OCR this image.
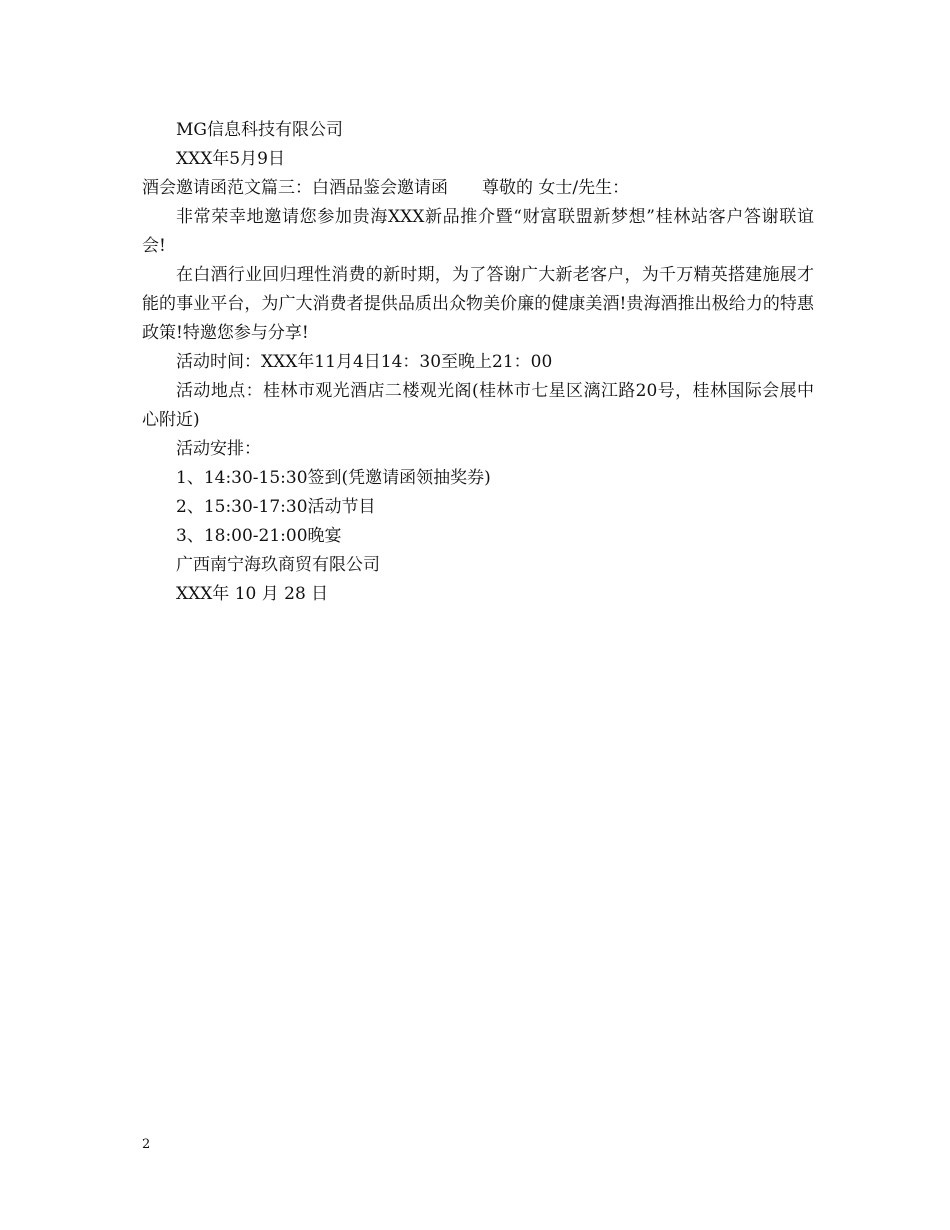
MG信息科技有限公司

XXX年5月9日

酒会邀请函范文篇三：白酒品鉴会邀请函 尊敬的 女士/先生：

非常荣幸地邀请您参加贵海XXX新品推介暨“财富联盟新梦想”桂林站客户答谢联谊会!

在白酒行业回归理性消费的新时期，为了答谢广大新老客户，为千万精英搭建施展才能的事业平台，为广大消费者提供品质出众物美价廉的健康美酒!贵海酒推出极给力的特惠政策!特邀您参与分享!

活动时间：XXX年11月4日14：30至晚上21：00

活动地点：桂林市观光酒店二楼观光阁(桂林市七星区漓江路20号，桂林国际会展中心附近)

活动安排：

1、14:30-15:30签到(凭邀请函领抽奖券)

2、15:30-17:30活动节目

3、18:00-21:00晚宴

广西南宁海玖商贸有限公司

XXX年 10 月 28 日

2
